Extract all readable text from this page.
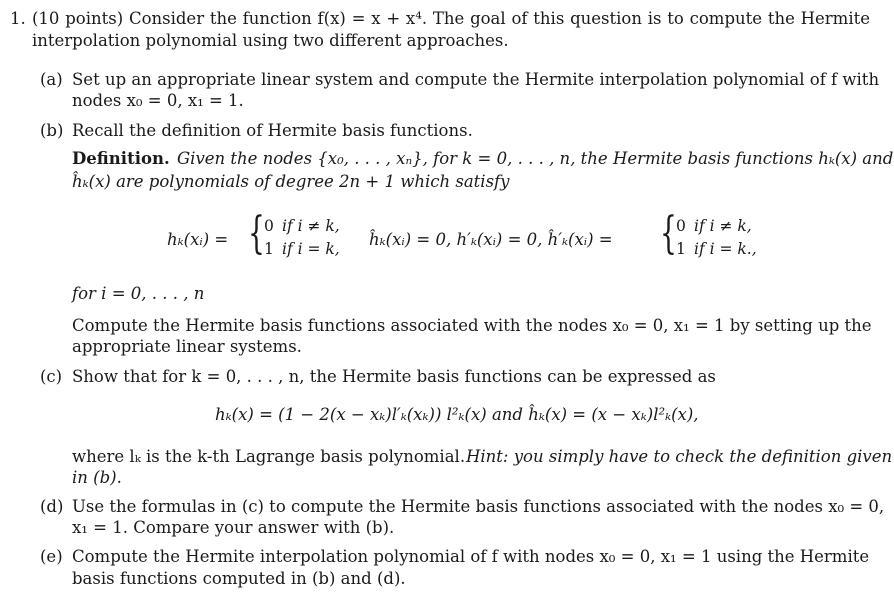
1. (10 points) Consider the function f(x) = x + x⁴. The goal of this question is to compute the Hermite
interpolation polynomial using two different approaches.
(a) Set up an appropriate linear system and compute the Hermite interpolation polynomial of f with
nodes x₀ = 0, x₁ = 1.
(b) Recall the definition of Hermite basis functions.
Definition. Given the nodes {x₀, . . . , xₙ}, for k = 0, . . . , n, the Hermite basis functions hₖ(x) and
ĥₖ(x) are polynomials of degree 2n + 1 which satisfy
hₖ(xᵢ) = { 0 if i ≠ k,
1 if i = k, ĥₖ(xᵢ) = 0, h′ₖ(xᵢ) = 0, ĥ′ₖ(xᵢ) = { 0 if i ≠ k,
1 if i = k.,
for i = 0, . . . , n
Compute the Hermite basis functions associated with the nodes x₀ = 0, x₁ = 1 by setting up the
appropriate linear systems.
(c) Show that for k = 0, . . . , n, the Hermite basis functions can be expressed as
hₖ(x) = (1 − 2(x − xₖ)l′ₖ(xₖ)) l²ₖ(x) and ĥₖ(x) = (x − xₖ)l²ₖ(x),
where lₖ is the k-th Lagrange basis polynomial. Hint: you simply have to check the definition given
in (b).
(d) Use the formulas in (c) to compute the Hermite basis functions associated with the nodes x₀ = 0,
x₁ = 1. Compare your answer with (b).
(e) Compute the Hermite interpolation polynomial of f with nodes x₀ = 0, x₁ = 1 using the Hermite
basis functions computed in (b) and (d).
